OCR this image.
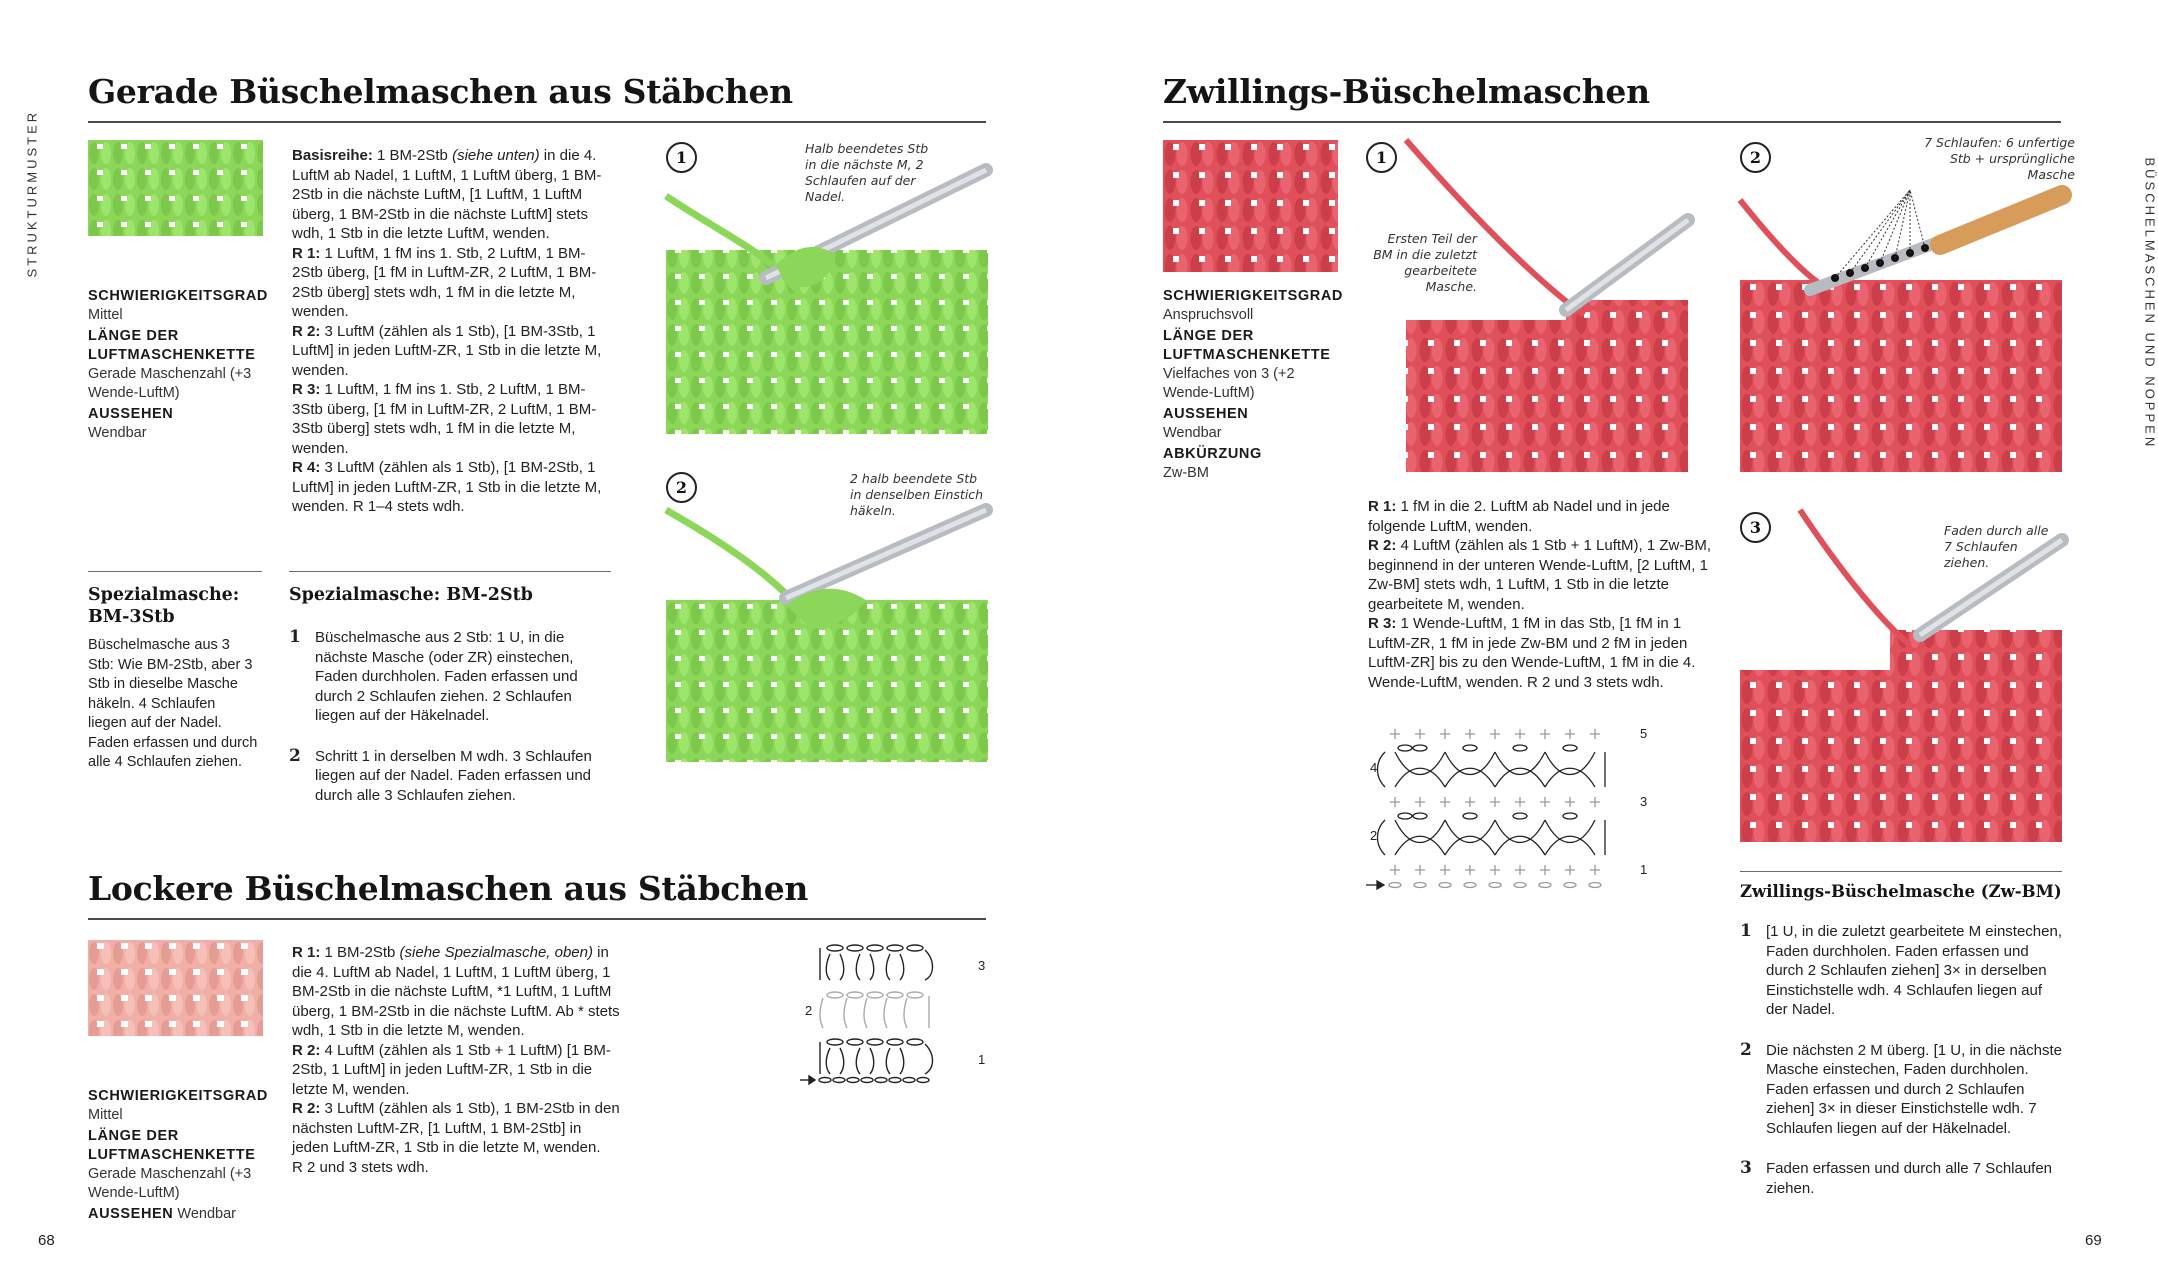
STRUKTURMUSTER	BÜSCHELMASCHEN UND NOPPEN
68	69
Gerade Büschelmaschen aus Stäbchen
SCHWIERIGKEITSGRAD
Mittel
LÄNGE DER LUFTMASCHENKETTE
Gerade Maschenzahl (+3 Wende-LuftM)
AUSSEHEN
Wendbar

Basisreihe: 1 BM-2Stb (siehe unten) in die 4. LuftM ab Nadel, 1 LuftM, 1 LuftM überg, 1 BM-2Stb in die nächste LuftM, [1 LuftM, 1 LuftM überg, 1 BM-2Stb in die nächste LuftM] stets wdh, 1 Stb in die letzte LuftM, wenden.

R 1: 1 LuftM, 1 fM ins 1. Stb, 2 LuftM, 1 BM-2Stb überg, [1 fM in LuftM-ZR, 2 LuftM, 1 BM-2Stb überg] stets wdh, 1 fM in die letzte M, wenden.

R 2: 3 LuftM (zählen als 1 Stb), [1 BM-3Stb, 1 LuftM] in jeden LuftM-ZR, 1 Stb in die letzte M, wenden.

R 3: 1 LuftM, 1 fM ins 1. Stb, 2 LuftM, 1 BM-3Stb überg, [1 fM in LuftM-ZR, 2 LuftM, 1 BM-3Stb überg] stets wdh, 1 fM in die letzte M, wenden.

R 4: 3 LuftM (zählen als 1 Stb), [1 BM-2Stb, 1 LuftM] in jeden LuftM-ZR, 1 Stb in die letzte M, wenden. R 1–4 stets wdh.

Spezialmasche: BM-3Stb
Büschelmasche aus 3 Stb: Wie BM-2Stb, aber 3 Stb in dieselbe Masche häkeln. 4 Schlaufen liegen auf der Nadel. Faden erfassen und durch alle 4 Schlaufen ziehen.
Spezialmasche: BM-2Stb
1 Büschelmasche aus 2 Stb: 1 U, in die nächste Masche (oder ZR) einstechen, Faden durchholen. Faden erfassen und durch 2 Schlaufen ziehen. 2 Schlaufen liegen auf der Häkelnadel.
2 Schritt 1 in derselben M wdh. 3 Schlaufen liegen auf der Nadel. Faden erfassen und durch alle 3 Schlaufen ziehen.
1	Halb beendetes Stb in die nächste M, 2 Schlaufen auf der Nadel.
2	2 halb beendete Stb in denselben Einstich häkeln.
Lockere Büschelmaschen aus Stäbchen
SCHWIERIGKEITSGRAD
Mittel
LÄNGE DER LUFTMASCHENKETTE
Gerade Maschenzahl (+3 Wende-LuftM)
AUSSEHEN Wendbar

R 1: 1 BM-2Stb (siehe Spezialmasche, oben) in die 4. LuftM ab Nadel, 1 LuftM, 1 LuftM überg, 1 BM-2Stb in die nächste LuftM, *1 LuftM, 1 LuftM überg, 1 BM-2Stb in die nächste LuftM. Ab * stets wdh, 1 Stb in die letzte M, wenden.

R 2: 4 LuftM (zählen als 1 Stb + 1 LuftM) [1 BM-2Stb, 1 LuftM] in jeden LuftM-ZR, 1 Stb in die letzte M, wenden.

R 2: 3 LuftM (zählen als 1 Stb), 1 BM-2Stb in den nächsten LuftM-ZR, [1 LuftM, 1 BM-2Stb] in jeden LuftM-ZR, 1 Stb in die letzte M, wenden.

R 2 und 3 stets wdh.

3
2
1
Zwillings-Büschelmaschen
SCHWIERIGKEITSGRAD
Anspruchsvoll
LÄNGE DER LUFTMASCHENKETTE
Vielfaches von 3 (+2 Wende-LuftM)
AUSSEHEN
Wendbar
ABKÜRZUNG
Zw-BM
1
Ersten Teil der BM in die zuletzt gearbeitete Masche.
2
7 Schlaufen: 6 unfertige Stb + ursprüngliche Masche
3	Faden durch alle 7 Schlaufen ziehen.

R 1: 1 fM in die 2. LuftM ab Nadel und in jede folgende LuftM, wenden.

R 2: 4 LuftM (zählen als 1 Stb + 1 LuftM), 1 Zw-BM, beginnend in der unteren Wende-LuftM, [2 LuftM, 1 Zw-BM] stets wdh, 1 LuftM, 1 Stb in die letzte gearbeitete M, wenden.

R 3: 1 Wende-LuftM, 1 fM in das Stb, [1 fM in 1 LuftM-ZR, 1 fM in jede Zw-BM und 2 fM in jeden LuftM-ZR] bis zu den Wende-LuftM, 1 fM in die 4. Wende-LuftM, wenden. R 2 und 3 stets wdh.

5
4
3
2
1
Zwillings-Büschelmasche (Zw-BM)
1 [1 U, in die zuletzt gearbeitete M einstechen, Faden durchholen. Faden erfassen und durch 2 Schlaufen ziehen] 3× in derselben Einstichstelle wdh. 4 Schlaufen liegen auf der Nadel.
2 Die nächsten 2 M überg. [1 U, in die nächste Masche einstechen, Faden durchholen. Faden erfassen und durch 2 Schlaufen ziehen] 3× in dieser Einstichstelle wdh. 7 Schlaufen liegen auf der Häkelnadel.
3 Faden erfassen und durch alle 7 Schlaufen ziehen.
